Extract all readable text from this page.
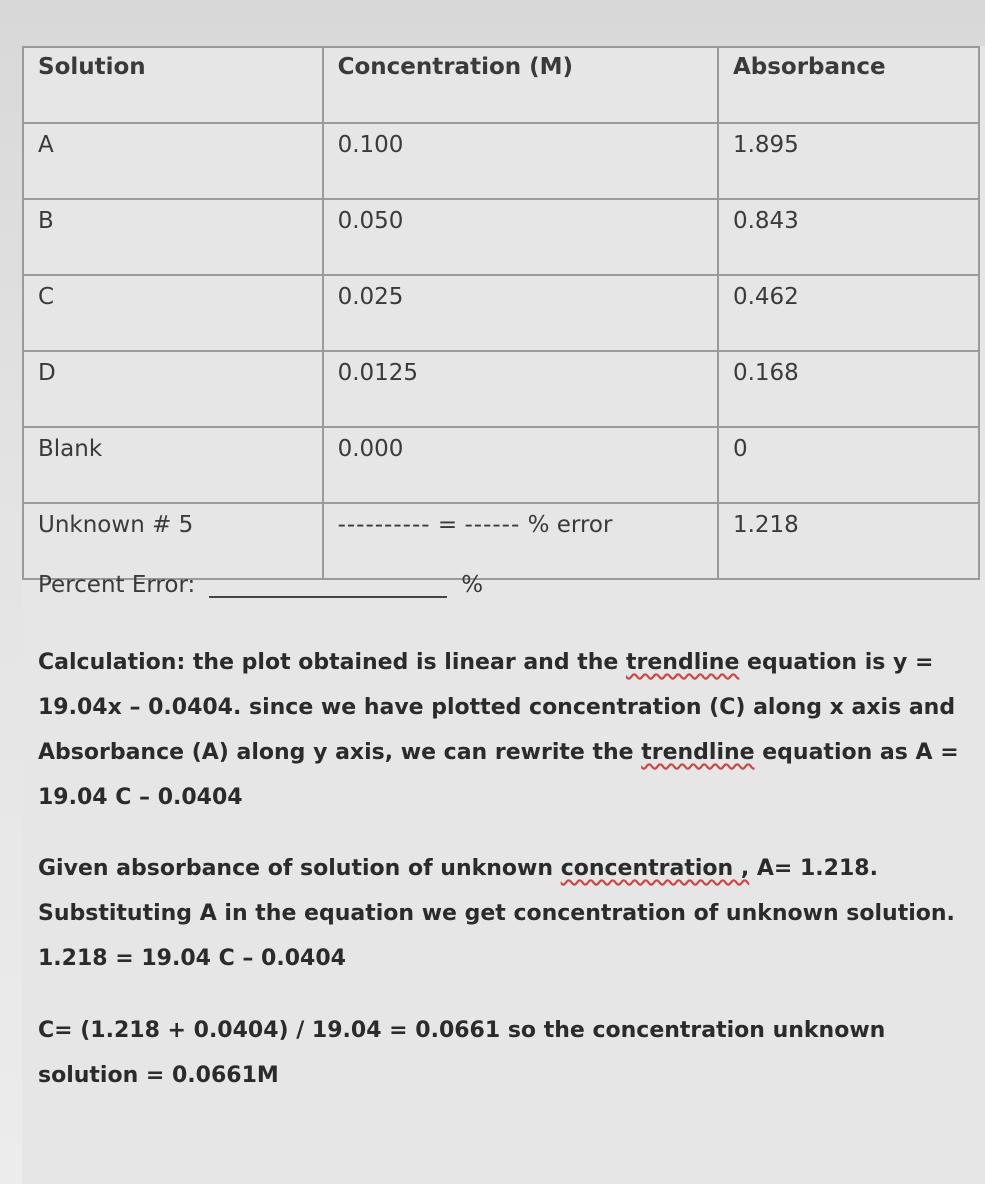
Solution	Concentration (M)	Absorbance
A	0.100	1.895
B	0.050	0.843
C	0.025	0.462
D	0.0125	0.168
Blank	0.000	0
Unknown # 5	---------- = ------ % error	1.218
Percent Error:	%

Calculation: the plot obtained is linear and the trendline equation is y = 19.04x – 0.0404. since we have plotted concentration (C) along x axis and Absorbance (A) along y axis, we can rewrite the trendline equation as A = 19.04 C – 0.0404

Given absorbance of solution of unknown concentration , A= 1.218. Substituting A in the equation we get concentration of unknown solution. 1.218 = 19.04 C – 0.0404

C= (1.218 + 0.0404) / 19.04 = 0.0661 so the concentration unknown solution = 0.0661M
